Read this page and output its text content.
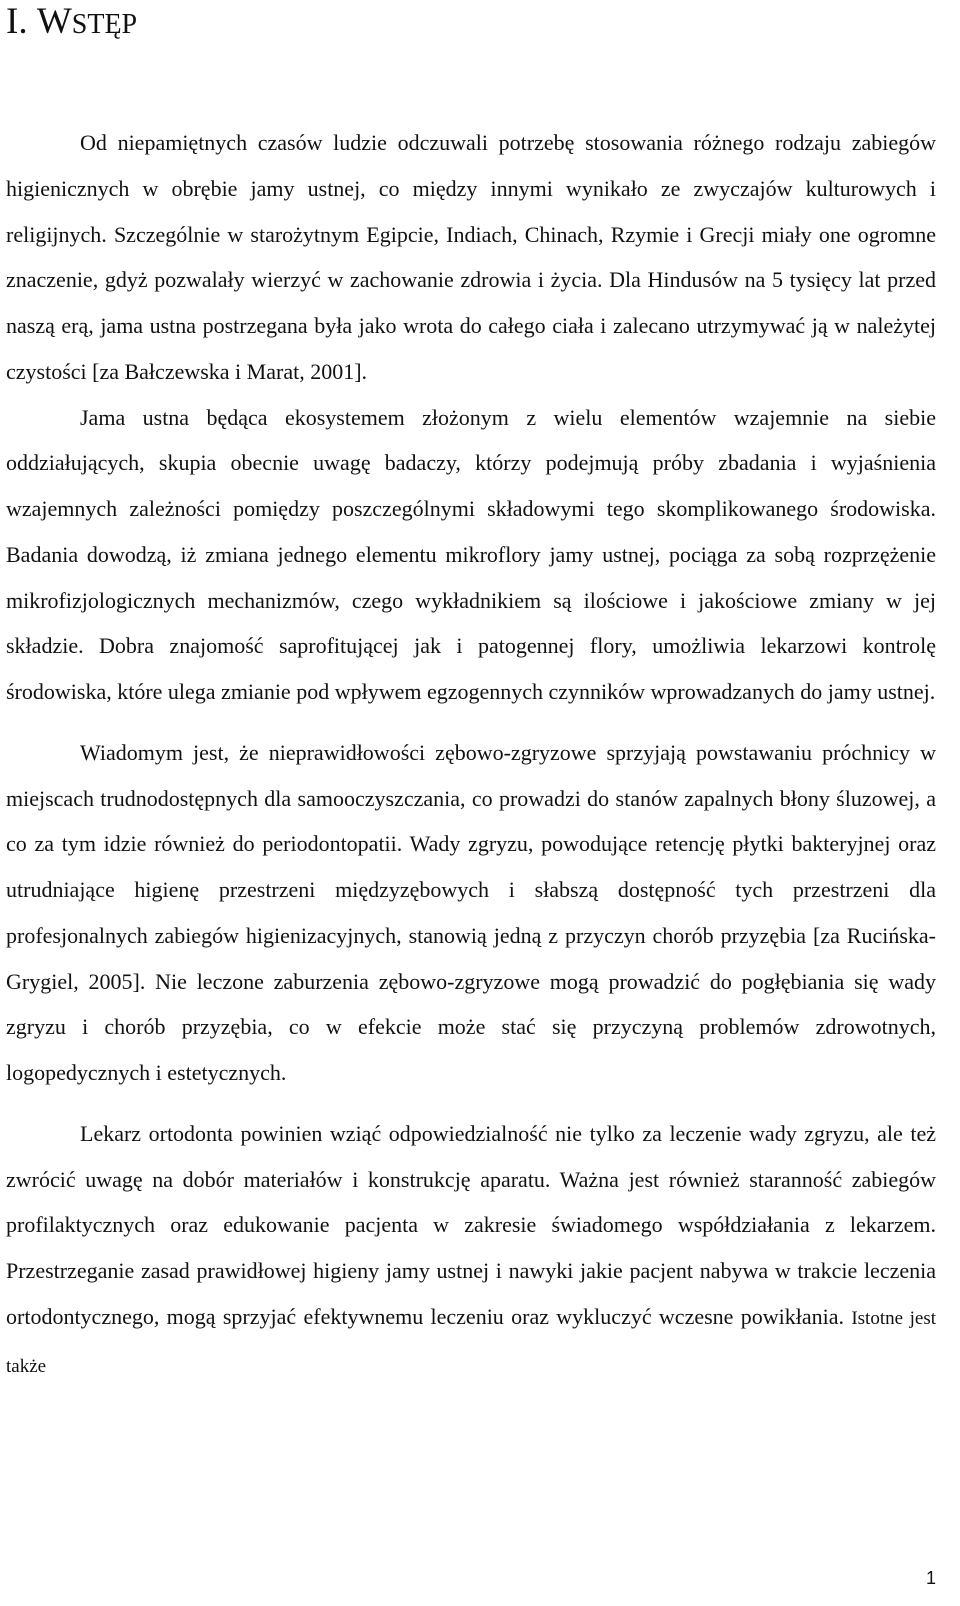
I. WSTĘP

Od niepamiętnych czasów ludzie odczuwali potrzebę stosowania różnego rodzaju zabiegów higienicznych w obrębie jamy ustnej, co między innymi wynikało ze zwyczajów kulturowych i religijnych. Szczególnie w starożytnym Egipcie, Indiach, Chinach, Rzymie i Grecji miały one ogromne znaczenie, gdyż pozwalały wierzyć w zachowanie zdrowia i życia. Dla Hindusów na 5 tysięcy lat przed naszą erą, jama ustna postrzegana była jako wrota do całego ciała i zalecano utrzymywać ją w należytej czystości [za Bałczewska i Marat, 2001].

Jama ustna będąca ekosystemem złożonym z wielu elementów wzajemnie na siebie oddziałujących, skupia obecnie uwagę badaczy, którzy podejmują próby zbadania i wyjaśnienia wzajemnych zależności pomiędzy poszczególnymi składowymi tego skomplikowanego środowiska. Badania dowodzą, iż zmiana jednego elementu mikroflory jamy ustnej, pociąga za sobą rozprzężenie mikrofizjologicznych mechanizmów, czego wykładnikiem są ilościowe i jakościowe zmiany w jej składzie. Dobra znajomość saprofitującej jak i patogennej flory, umożliwia lekarzowi kontrolę środowiska, które ulega zmianie pod wpływem egzogennych czynników wprowadzanych do jamy ustnej.

Wiadomym jest, że nieprawidłowości zębowo-zgryzowe sprzyjają powstawaniu próchnicy w miejscach trudnodostępnych dla samooczyszczania, co prowadzi do stanów zapalnych błony śluzowej, a co za tym idzie również do periodontopatii. Wady zgryzu, powodujące retencję płytki bakteryjnej oraz utrudniające higienę przestrzeni międzyzębowych i słabszą dostępność tych przestrzeni dla profesjonalnych zabiegów higienizacyjnych, stanowią jedną z przyczyn chorób przyzębia [za Rucińska-Grygiel, 2005]. Nie leczone zaburzenia zębowo-zgryzowe mogą prowadzić do pogłębiania się wady zgryzu i chorób przyzębia, co w efekcie może stać się przyczyną problemów zdrowotnych, logopedycznych i estetycznych.

Lekarz ortodonta powinien wziąć odpowiedzialność nie tylko za leczenie wady zgryzu, ale też zwrócić uwagę na dobór materiałów i konstrukcję aparatu. Ważna jest również staranność zabiegów profilaktycznych oraz edukowanie pacjenta w zakresie świadomego współdziałania z lekarzem. Przestrzeganie zasad prawidłowej higieny jamy ustnej i nawyki jakie pacjent nabywa w trakcie leczenia ortodontycznego, mogą sprzyjać efektywnemu leczeniu oraz wykluczyć wczesne powikłania. Istotne jest także

1
